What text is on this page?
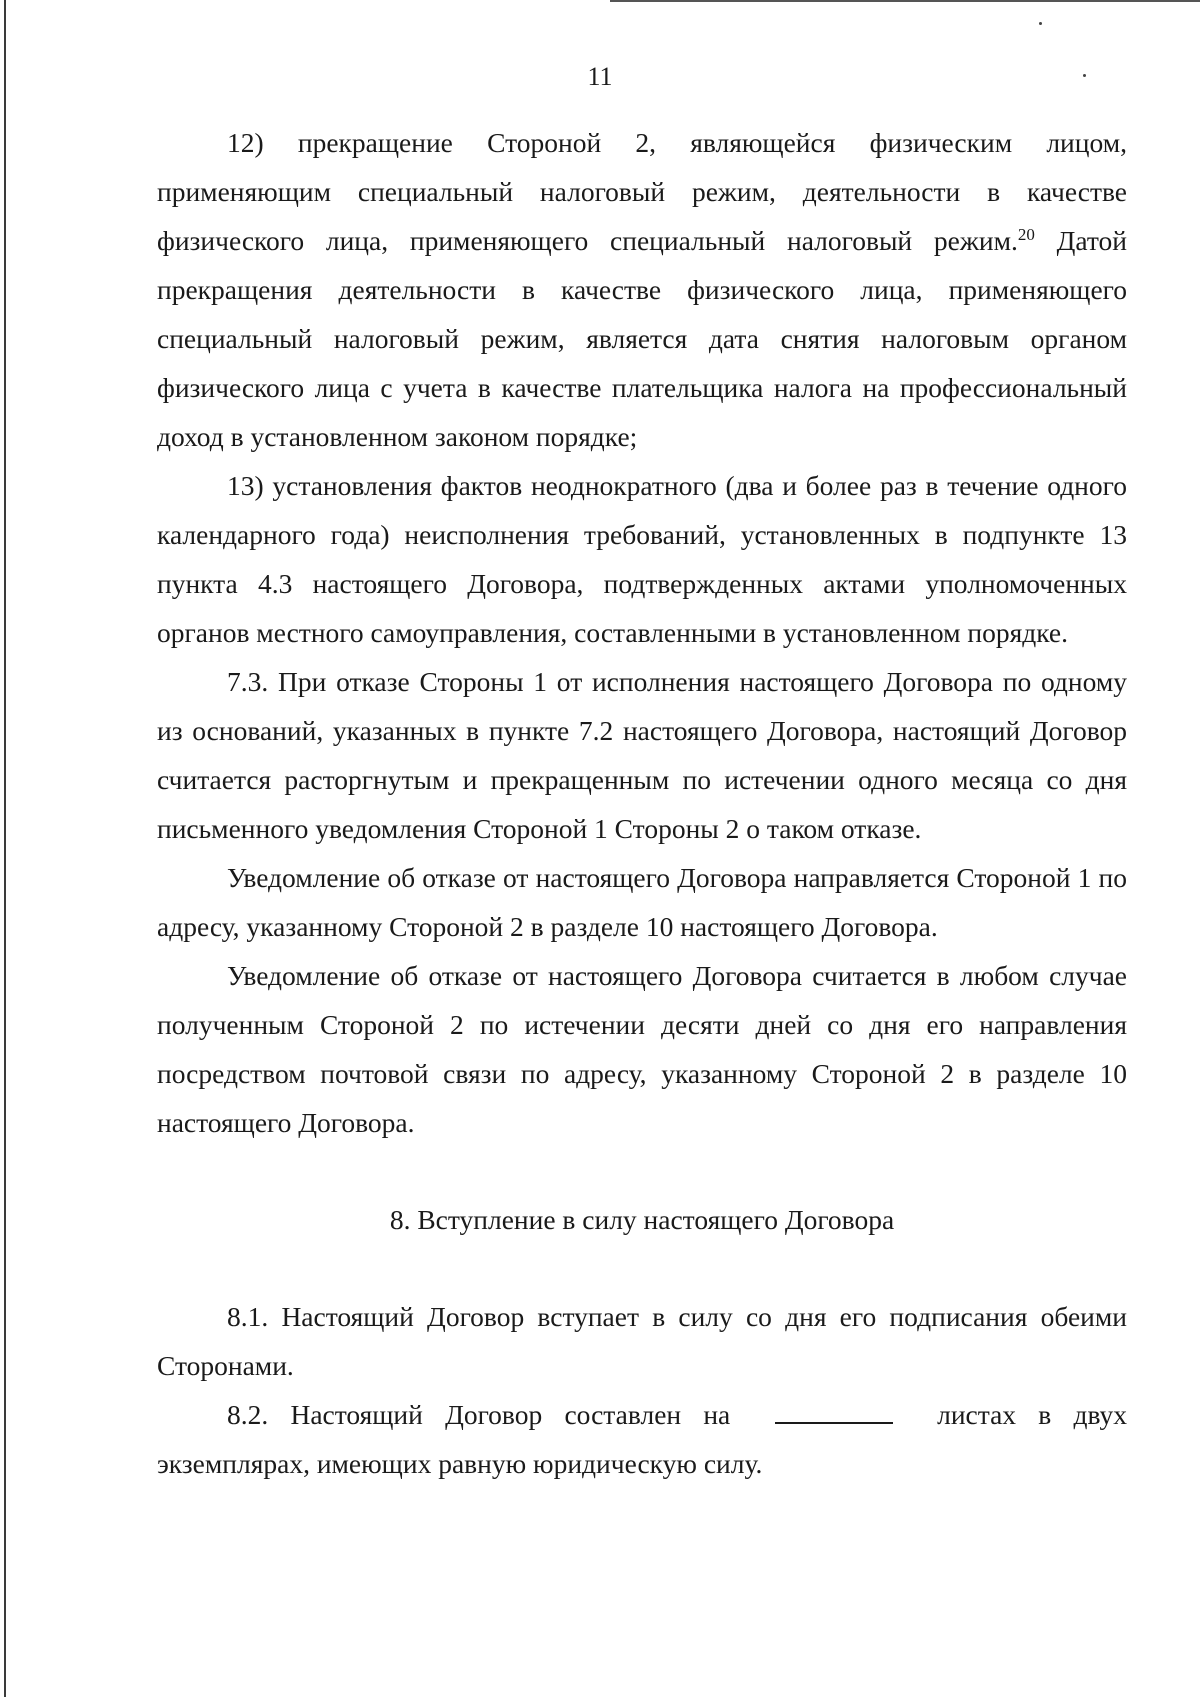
11

12) прекращение Стороной 2, являющейся физическим лицом, применяющим специальный налоговый режим, деятельности в качестве физического лица, применяющего специальный налоговый режим.$^{20}$ Датой прекращения деятельности в качестве физического лица, применяющего специальный налоговый режим, является дата снятия налоговым органом физического лица с учета в качестве плательщика налога на профессиональный доход в установленном законом порядке;

13) установления фактов неоднократного (два и более раз в течение одного календарного года) неисполнения требований, установленных в подпункте 13 пункта 4.3 настоящего Договора, подтвержденных актами уполномоченных органов местного самоуправления, составленными в установленном порядке.

7.3. При отказе Стороны 1 от исполнения настоящего Договора по одному из оснований, указанных в пункте 7.2 настоящего Договора, настоящий Договор считается расторгнутым и прекращенным по истечении одного месяца со дня письменного уведомления Стороной 1 Стороны 2 о таком отказе.

Уведомление об отказе от настоящего Договора направляется Стороной 1 по адресу, указанному Стороной 2 в разделе 10 настоящего Договора.

Уведомление об отказе от настоящего Договора считается в любом случае полученным Стороной 2 по истечении десяти дней со дня его направления посредством почтовой связи по адресу, указанному Стороной 2 в разделе 10 настоящего Договора.

8. Вступление в силу настоящего Договора

8.1. Настоящий Договор вступает в силу со дня его подписания обеими Сторонами.

8.2. Настоящий Договор составлен на	листах в двух экземплярах, имеющих равную юридическую силу.
